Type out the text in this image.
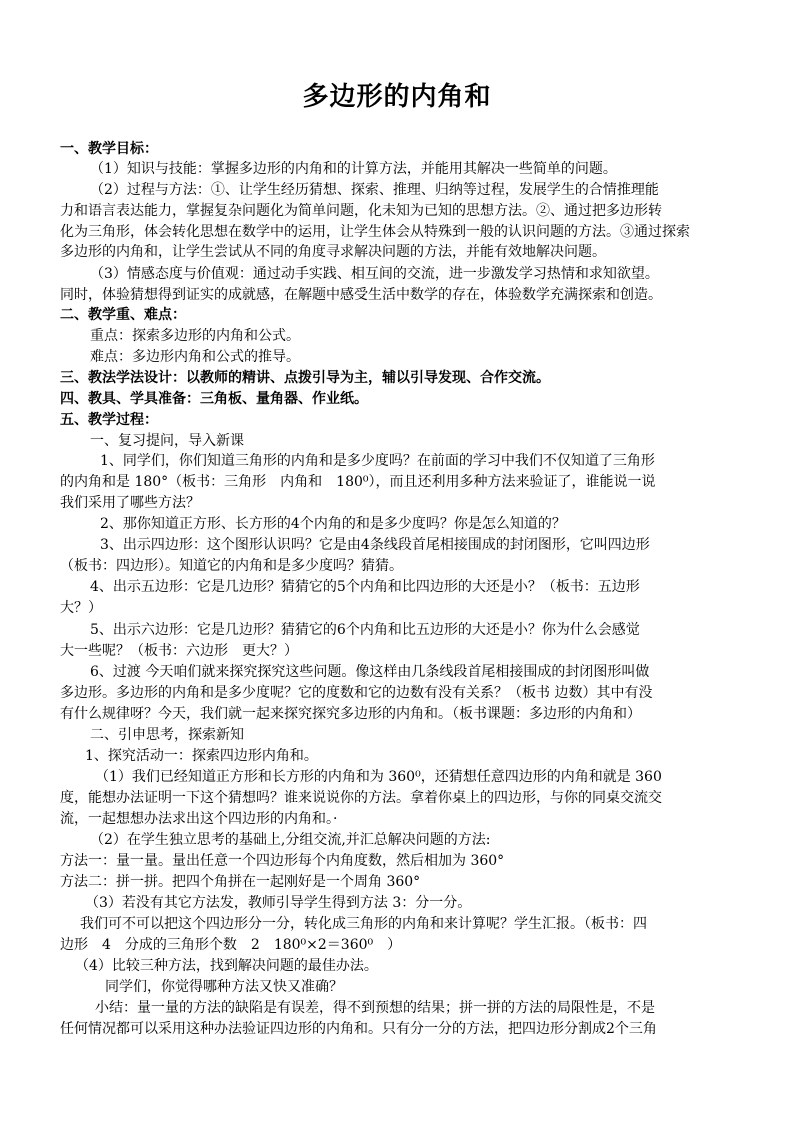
多边形的内角和
一、教学目标：
（1）知识与技能：掌握多边形的内角和的计算方法，并能用其解决一些简单的问题。
（2）过程与方法：①、让学生经历猜想、探索、推理、归纳等过程，发展学生的合情推理能
力和语言表达能力，掌握复杂问题化为简单问题，化未知为已知的思想方法。②、通过把多边形转
化为三角形，体会转化思想在数学中的运用，让学生体会从特殊到一般的认识问题的方法。③通过探索
多边形的内角和，让学生尝试从不同的角度寻求解决问题的方法，并能有效地解决问题。
（3）情感态度与价值观：通过动手实践、相互间的交流，进一步激发学习热情和求知欲望。
同时，体验猜想得到证实的成就感，在解题中感受生活中数学的存在，体验数学充满探索和创造。
二、教学重、难点：
重点：探索多边形的内角和公式。
难点：多边形内角和公式的推导。
三、教法学法设计：以教师的精讲、点拨引导为主，辅以引导发现、合作交流。
四、教具、学具准备：三角板、量角器、作业纸。
五、教学过程：
一、复习提问，导入新课
1、同学们，你们知道三角形的内角和是多少度吗？在前面的学习中我们不仅知道了三角形
的内角和是 180°（板书：三角形　内角和　180⁰），而且还利用多种方法来验证了，谁能说一说
我们采用了哪些方法？
2、那你知道正方形、长方形的4个内角的和是多少度吗？你是怎么知道的？
3、出示四边形：这个图形认识吗？它是由4条线段首尾相接围成的封闭图形，它叫四边形
（板书：四边形）。知道它的内角和是多少度吗？猜猜。
4、出示五边形：它是几边形？猜猜它的5个内角和比四边形的大还是小？（板书：五边形
大？）
5、出示六边形：它是几边形？猜猜它的6个内角和比五边形的大还是小？你为什么会感觉
大一些呢？（板书：六边形　更大？）
6、过渡 今天咱们就来探究探究这些问题。像这样由几条线段首尾相接围成的封闭图形叫做
多边形。多边形的内角和是多少度呢？它的度数和它的边数有没有关系？（板书 边数）其中有没
有什么规律呀？今天，我们就一起来探究探究多边形的内角和。（板书课题：多边形的内角和）
二、引申思考，探索新知
1、探究活动一：探索四边形内角和。
（1）我们已经知道正方形和长方形的内角和为 360⁰，还猜想任意四边形的内角和就是 360
度，能想办法证明一下这个猜想吗？谁来说说你的方法。拿着你桌上的四边形，与你的同桌交流交
流，一起想想办法求出这个四边形的内角和。·
（2）在学生独立思考的基础上,分组交流,并汇总解决问题的方法:
方法一：量一量。量出任意一个四边形每个内角度数，然后相加为 360°
方法二：拼一拼。把四个角拼在一起刚好是一个周角 360°
（3）若没有其它方法发，教师引导学生得到方法 3：分一分。
我们可不可以把这个四边形分一分，转化成三角形的内角和来计算呢？学生汇报。（板书：四
边形　4　分成的三角形个数　2　180⁰×2＝360⁰　）
（4）比较三种方法，找到解决问题的最佳办法。
同学们，你觉得哪种方法又快又准确？
小结：量一量的方法的缺陷是有误差，得不到预想的结果；拼一拼的方法的局限性是，不是
任何情况都可以采用这种办法验证四边形的内角和。只有分一分的方法，把四边形分割成2个三角
